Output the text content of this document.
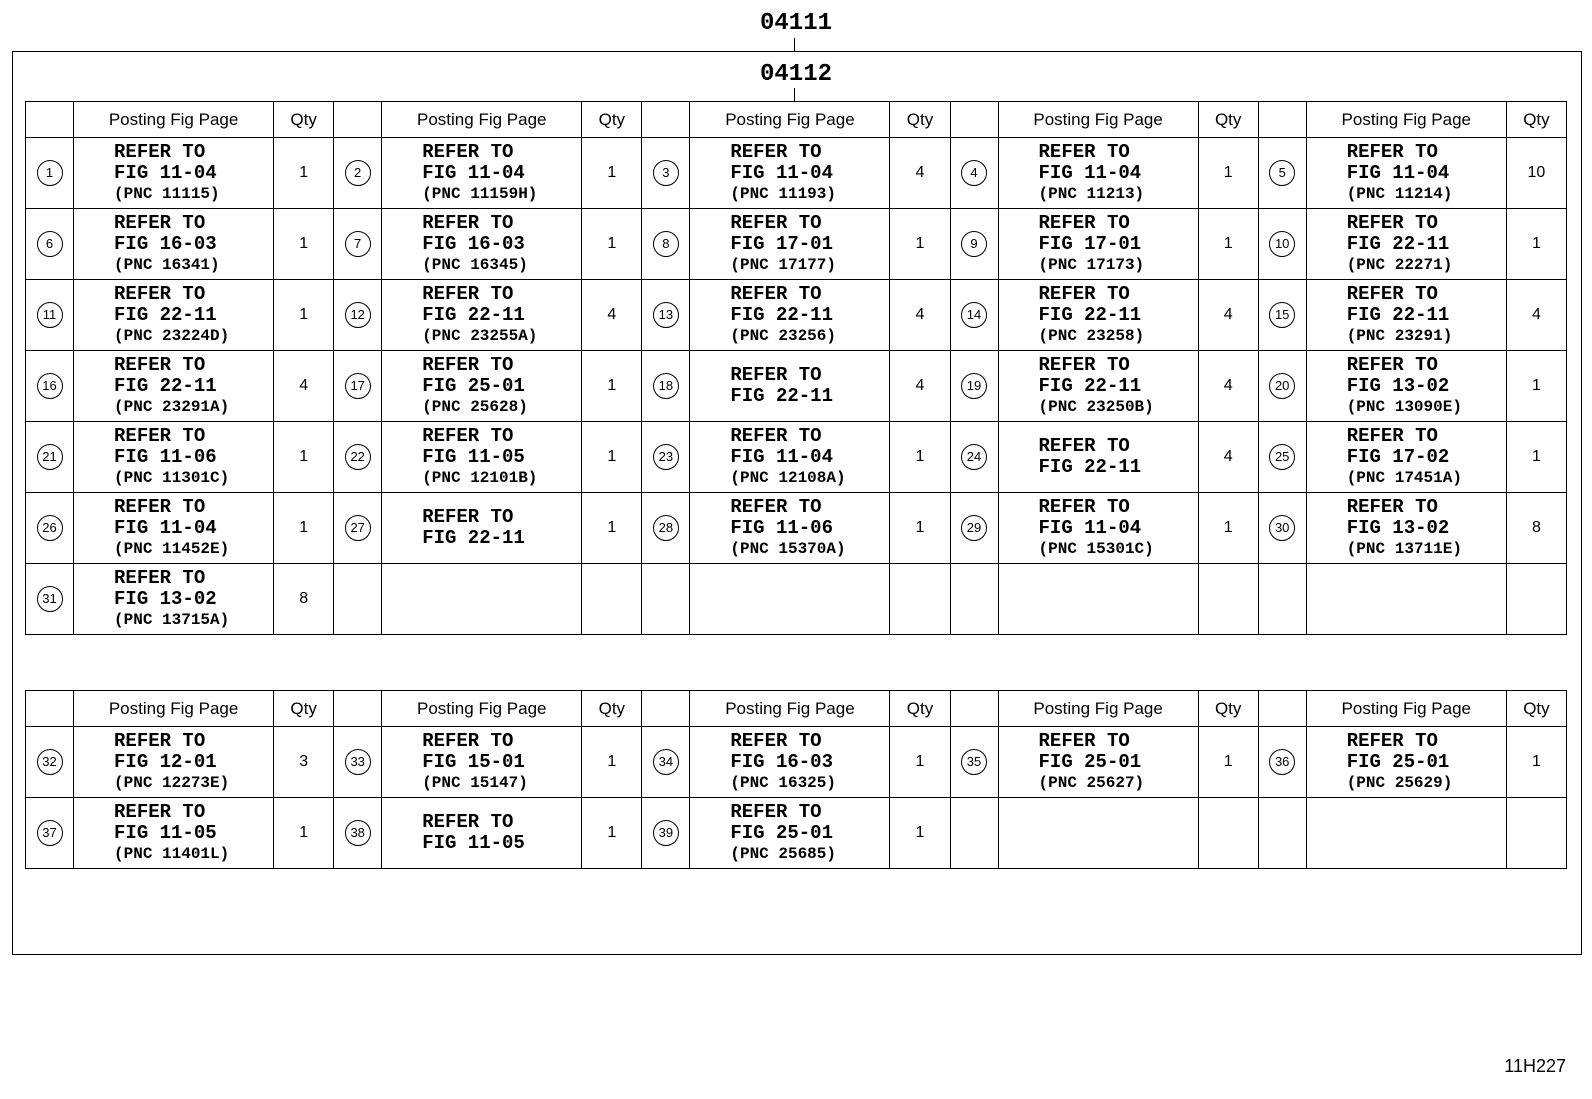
04111
04112
	Posting Fig Page	Qty		Posting Fig Page	Qty		Posting Fig Page	Qty		Posting Fig Page	Qty		Posting Fig Page	Qty
1	REFER TO
FIG 11-04
(PNC 11115)	1	2	REFER TO
FIG 11-04
(PNC 11159H)	1	3	REFER TO
FIG 11-04
(PNC 11193)	4	4	REFER TO
FIG 11-04
(PNC 11213)	1	5	REFER TO
FIG 11-04
(PNC 11214)	10
6	REFER TO
FIG 16-03
(PNC 16341)	1	7	REFER TO
FIG 16-03
(PNC 16345)	1	8	REFER TO
FIG 17-01
(PNC 17177)	1	9	REFER TO
FIG 17-01
(PNC 17173)	1	10	REFER TO
FIG 22-11
(PNC 22271)	1
11	REFER TO
FIG 22-11
(PNC 23224D)	1	12	REFER TO
FIG 22-11
(PNC 23255A)	4	13	REFER TO
FIG 22-11
(PNC 23256)	4	14	REFER TO
FIG 22-11
(PNC 23258)	4	15	REFER TO
FIG 22-11
(PNC 23291)	4
16	REFER TO
FIG 22-11
(PNC 23291A)	4	17	REFER TO
FIG 25-01
(PNC 25628)	1	18	REFER TO
FIG 22-11	4	19	REFER TO
FIG 22-11
(PNC 23250B)	4	20	REFER TO
FIG 13-02
(PNC 13090E)	1
21	REFER TO
FIG 11-06
(PNC 11301C)	1	22	REFER TO
FIG 11-05
(PNC 12101B)	1	23	REFER TO
FIG 11-04
(PNC 12108A)	1	24	REFER TO
FIG 22-11	4	25	REFER TO
FIG 17-02
(PNC 17451A)	1
26	REFER TO
FIG 11-04
(PNC 11452E)	1	27	REFER TO
FIG 22-11	1	28	REFER TO
FIG 11-06
(PNC 15370A)	1	29	REFER TO
FIG 11-04
(PNC 15301C)	1	30	REFER TO
FIG 13-02
(PNC 13711E)	8
31	REFER TO
FIG 13-02
(PNC 13715A)	8												
	Posting Fig Page	Qty		Posting Fig Page	Qty		Posting Fig Page	Qty		Posting Fig Page	Qty		Posting Fig Page	Qty
32	REFER TO
FIG 12-01
(PNC 12273E)	3	33	REFER TO
FIG 15-01
(PNC 15147)	1	34	REFER TO
FIG 16-03
(PNC 16325)	1	35	REFER TO
FIG 25-01
(PNC 25627)	1	36	REFER TO
FIG 25-01
(PNC 25629)	1
37	REFER TO
FIG 11-05
(PNC 11401L)	1	38	REFER TO
FIG 11-05	1	39	REFER TO
FIG 25-01
(PNC 25685)	1						
11H227
